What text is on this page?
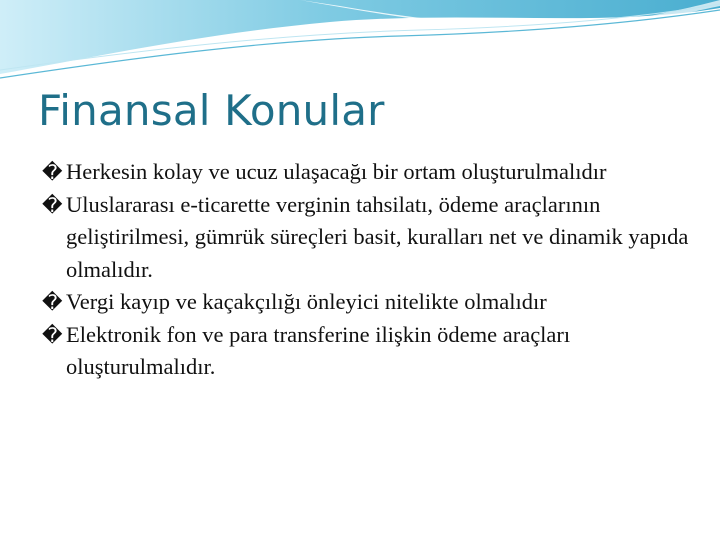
Finansal Konular
� Herkesin kolay ve ucuz ulaşacağı bir ortam oluşturulmalıdır
� Uluslararası e-ticarette verginin tahsilatı, ödeme araçlarının geliştirilmesi, gümrük süreçleri basit, kuralları net ve dinamik yapıda olmalıdır.
� Vergi kayıp ve kaçakçılığı önleyici nitelikte olmalıdır
� Elektronik fon ve para transferine ilişkin ödeme araçları oluşturulmalıdır.
